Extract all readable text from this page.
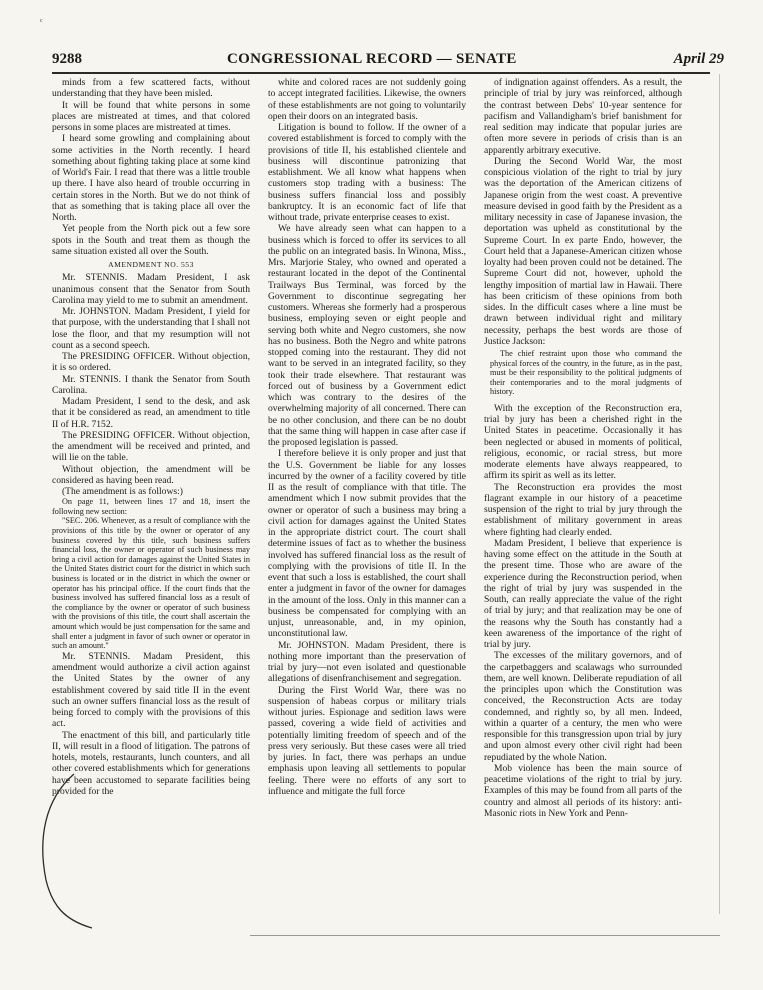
ᶜ
9288	CONGRESSIONAL RECORD — SENATE	April 29

minds from a few scattered facts, without understanding that they have been misled.

It will be found that white persons in some places are mistreated at times, and that colored persons in some places are mistreated at times.

I heard some growling and complaining about some activities in the North recently. I heard something about fighting taking place at some kind of World's Fair. I read that there was a little trouble up there. I have also heard of trouble occurring in certain stores in the North. But we do not think of that as something that is taking place all over the North.

Yet people from the North pick out a few sore spots in the South and treat them as though the same situation existed all over the South.

AMENDMENT NO. 553

Mr. STENNIS. Madam President, I ask unanimous consent that the Senator from South Carolina may yield to me to submit an amendment.

Mr. JOHNSTON. Madam President, I yield for that purpose, with the understanding that I shall not lose the floor, and that my resumption will not count as a second speech.

The PRESIDING OFFICER. Without objection, it is so ordered.

Mr. STENNIS. I thank the Senator from South Carolina.

Madam President, I send to the desk, and ask that it be considered as read, an amendment to title II of H.R. 7152.

The PRESIDING OFFICER. Without objection, the amendment will be received and printed, and will lie on the table.

Without objection, the amendment will be considered as having been read.

(The amendment is as follows:)

On page 11, between lines 17 and 18, insert the following new section:

"SEC. 206. Whenever, as a result of compliance with the provisions of this title by the owner or operator of any business covered by this title, such business suffers financial loss, the owner or operator of such business may bring a civil action for damages against the United States in the United States district court for the district in which such business is located or in the district in which the owner or operator has his principal office. If the court finds that the business involved has suffered financial loss as a result of the compliance by the owner or operator of such business with the provisions of this title, the court shall ascertain the amount which would be just compensation for the same and shall enter a judgment in favor of such owner or operator in such an amount."

Mr. STENNIS. Madam President, this amendment would authorize a civil action against the United States by the owner of any establishment covered by said title II in the event such an owner suffers financial loss as the result of being forced to comply with the provisions of this act.

The enactment of this bill, and particularly title II, will result in a flood of litigation. The patrons of hotels, motels, restaurants, lunch counters, and all other covered establishments which for generations have been accustomed to separate facilities being provided for the

white and colored races are not suddenly going to accept integrated facilities. Likewise, the owners of these establishments are not going to voluntarily open their doors on an integrated basis.

Litigation is bound to follow. If the owner of a covered establishment is forced to comply with the provisions of title II, his established clientele and business will discontinue patronizing that establishment. We all know what happens when customers stop trading with a business: The business suffers financial loss and possibly bankruptcy. It is an economic fact of life that without trade, private enterprise ceases to exist.

We have already seen what can happen to a business which is forced to offer its services to all the public on an integrated basis. In Winona, Miss., Mrs. Marjorie Staley, who owned and operated a restaurant located in the depot of the Continental Trailways Bus Terminal, was forced by the Government to discontinue segregating her customers. Whereas she formerly had a prosperous business, employing seven or eight people and serving both white and Negro customers, she now has no business. Both the Negro and white patrons stopped coming into the restaurant. They did not want to be served in an integrated facility, so they took their trade elsewhere. That restaurant was forced out of business by a Government edict which was contrary to the desires of the overwhelming majority of all concerned. There can be no other conclusion, and there can be no doubt that the same thing will happen in case after case if the proposed legislation is passed.

I therefore believe it is only proper and just that the U.S. Government be liable for any losses incurred by the owner of a facility covered by title II as the result of compliance with that title. The amendment which I now submit provides that the owner or operator of such a business may bring a civil action for damages against the United States in the appropriate district court. The court shall determine issues of fact as to whether the business involved has suffered financial loss as the result of complying with the provisions of title II. In the event that such a loss is established, the court shall enter a judgment in favor of the owner for damages in the amount of the loss. Only in this manner can a business be compensated for complying with an unjust, unreasonable, and, in my opinion, unconstitutional law.

Mr. JOHNSTON. Madam President, there is nothing more important than the preservation of trial by jury—not even isolated and questionable allegations of disenfranchisement and segregation.

During the First World War, there was no suspension of habeas corpus or military trials without juries. Espionage and sedition laws were passed, covering a wide field of activities and potentially limiting freedom of speech and of the press very seriously. But these cases were all tried by juries. In fact, there was perhaps an undue emphasis upon leaving all settlements to popular feeling. There were no efforts of any sort to influence and mitigate the full force

of indignation against offenders. As a result, the principle of trial by jury was reinforced, although the contrast between Debs' 10-year sentence for pacifism and Vallandigham's brief banishment for real sedition may indicate that popular juries are often more severe in periods of crisis than is an apparently arbitrary executive.

During the Second World War, the most conspicious violation of the right to trial by jury was the deportation of the American citizens of Japanese origin from the west coast. A preventive measure devised in good faith by the President as a military necessity in case of Japanese invasion, the deportation was upheld as constitutional by the Supreme Court. In ex parte Endo, however, the Court held that a Japanese-American citizen whose loyalty had been proven could not be detained. The Supreme Court did not, however, uphold the lengthy imposition of martial law in Hawaii. There has been criticism of these opinions from both sides. In the difficult cases where a line must be drawn between individual right and military necessity, perhaps the best words are those of Justice Jackson:

The chief restraint upon those who command the physical forces of the country, in the future, as in the past, must be their responsibility to the political judgments of their contemporaries and to the moral judgments of history.

With the exception of the Reconstruction era, trial by jury has been a cherished right in the United States in peacetime. Occasionally it has been neglected or abused in moments of political, religious, economic, or racial stress, but more moderate elements have always reappeared, to affirm its spirit as well as its letter.

The Reconstruction era provides the most flagrant example in our history of a peacetime suspension of the right to trial by jury through the establishment of military government in areas where fighting had clearly ended.

Madam President, I believe that experience is having some effect on the attitude in the South at the present time. Those who are aware of the experience during the Reconstruction period, when the right of trial by jury was suspended in the South, can really appreciate the value of the right of trial by jury; and that realization may be one of the reasons why the South has constantly had a keen awareness of the importance of the right of trial by jury.

The excesses of the military governors, and of the carpetbaggers and scalawags who surrounded them, are well known. Deliberate repudiation of all the principles upon which the Constitution was conceived, the Reconstruction Acts are today condemned, and rightly so, by all men. Indeed, within a quarter of a century, the men who were responsible for this transgression upon trial by jury and upon almost every other civil right had been repudiated by the whole Nation.

Mob violence has been the main source of peacetime violations of the right to trial by jury. Examples of this may be found from all parts of the country and almost all periods of its history: anti-Masonic riots in New York and Penn-
